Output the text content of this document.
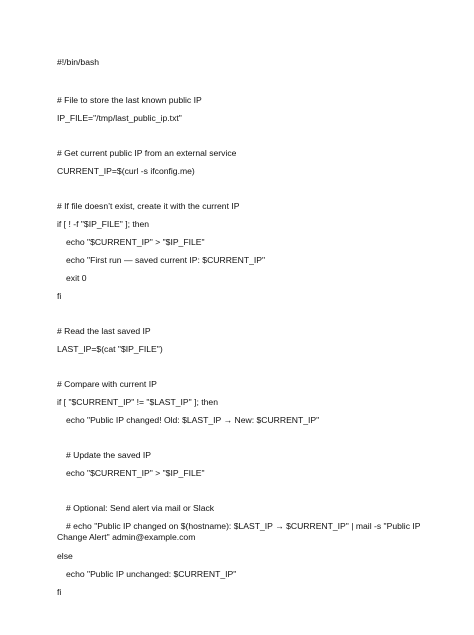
#!/bin/bash
# File to store the last known public IP
IP_FILE="/tmp/last_public_ip.txt"
# Get current public IP from an external service
CURRENT_IP=$(curl -s ifconfig.me)
# If file doesn’t exist, create it with the current IP
if [ ! -f "$IP_FILE" ]; then
echo "$CURRENT_IP" > "$IP_FILE"
echo "First run — saved current IP: $CURRENT_IP"
exit 0
fi
# Read the last saved IP
LAST_IP=$(cat "$IP_FILE")
# Compare with current IP
if [ "$CURRENT_IP" != "$LAST_IP" ]; then
echo "Public IP changed! Old: $LAST_IP → New: $CURRENT_IP"
# Update the saved IP
echo "$CURRENT_IP" > "$IP_FILE"
# Optional: Send alert via mail or Slack
# echo "Public IP changed on $(hostname): $LAST_IP → $CURRENT_IP" | mail -s "Public IP Change Alert" admin@example.com
else
echo "Public IP unchanged: $CURRENT_IP"
fi
